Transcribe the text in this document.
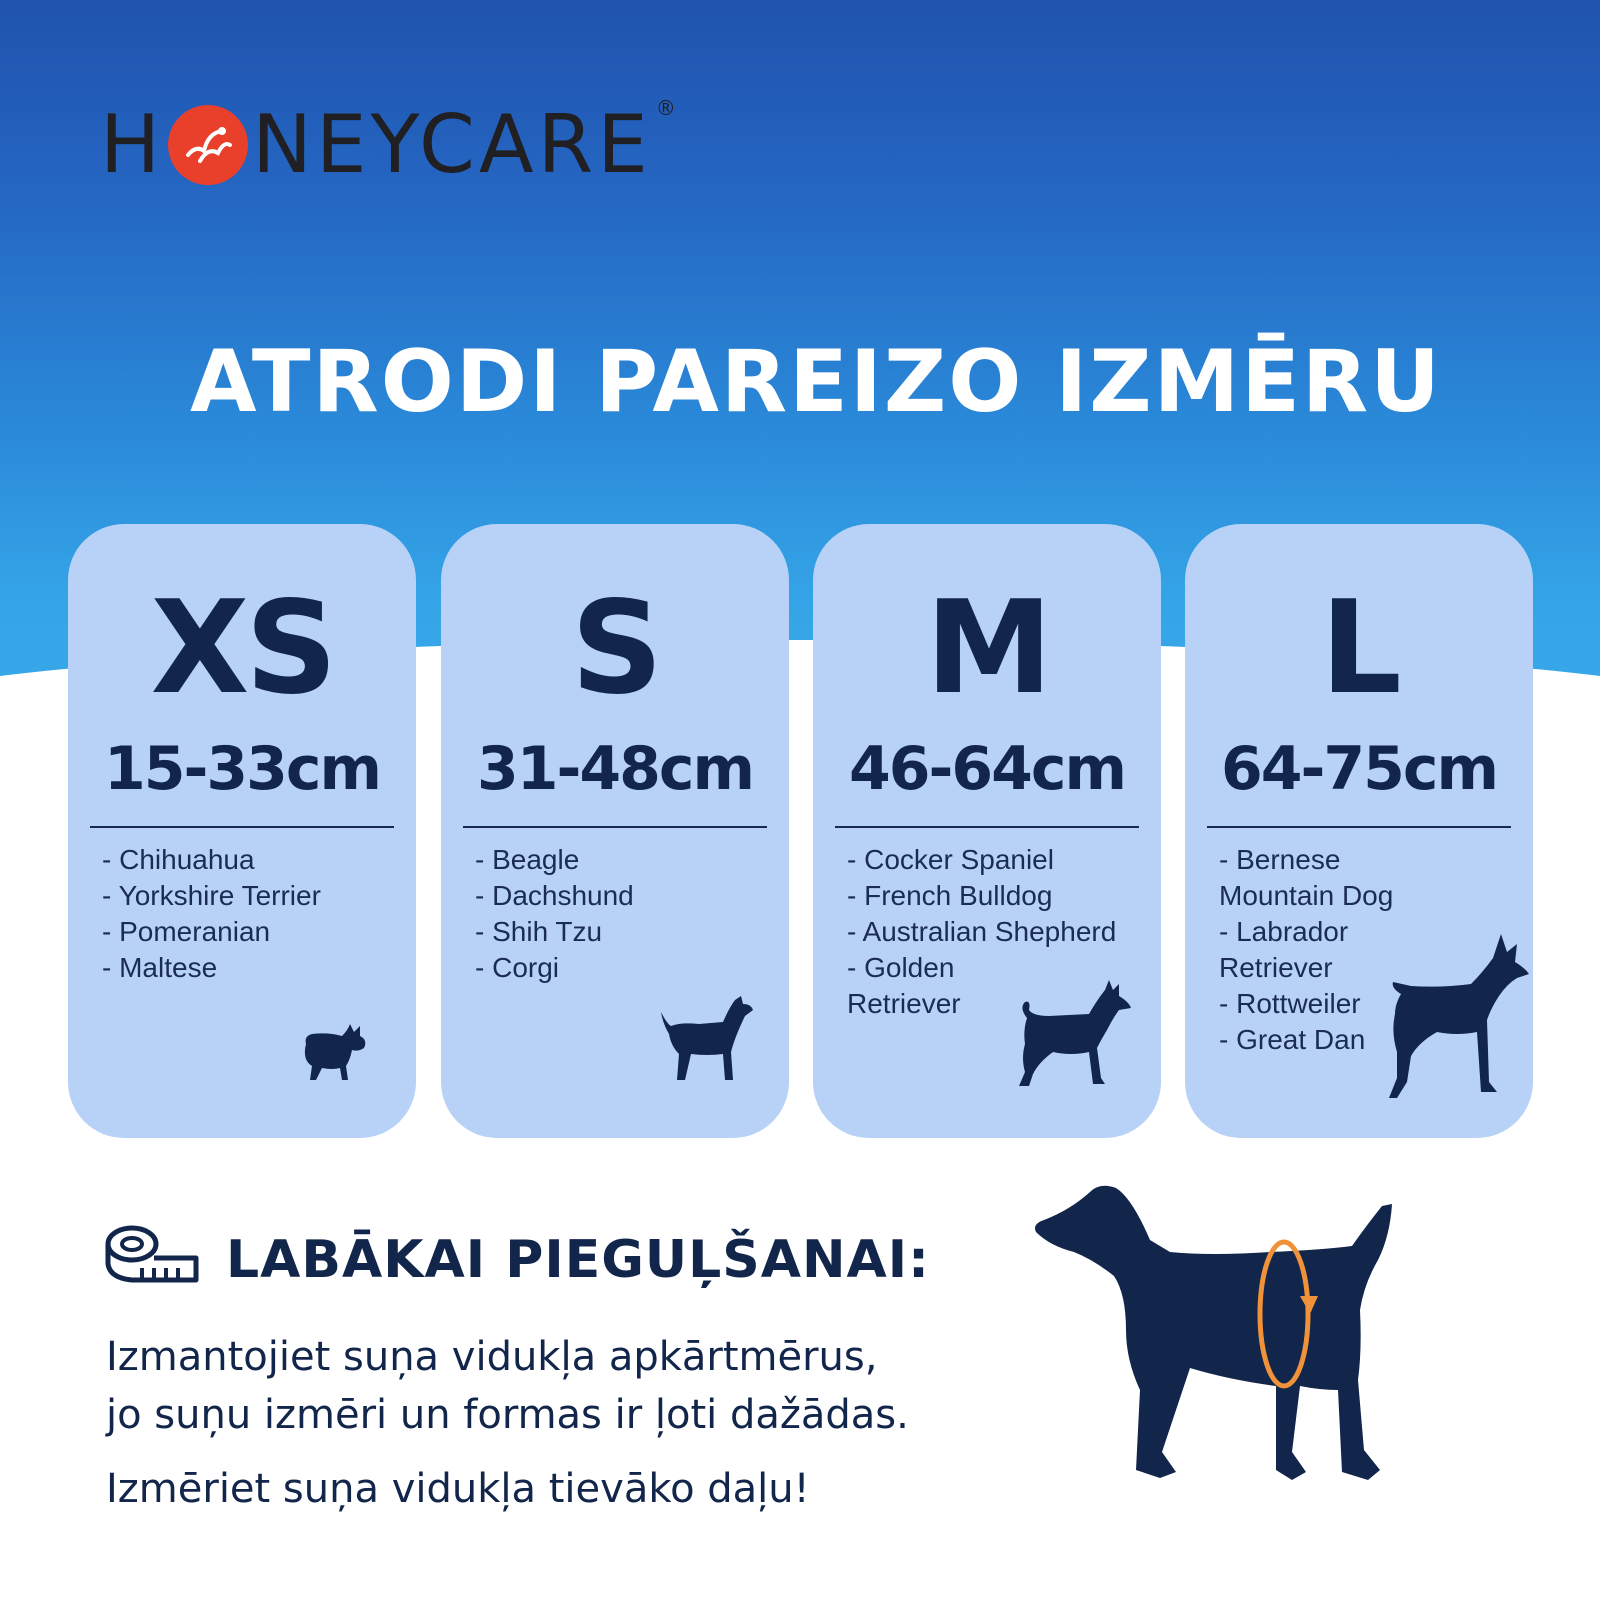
H NEYCARE ®
ATRODI PAREIZO IZMĒRU
XS
15-33cm
- Chihuahua
- Yorkshire Terrier
- Pomeranian
- Maltese
S
31-48cm
- Beagle
- Dachshund
- Shih Tzu
- Corgi
M
46-64cm
- Cocker Spaniel
- French Bulldog
- Australian Shepherd
- Golden
Retriever
L
64-75cm
- Bernese
Mountain Dog
- Labrador
Retriever
- Rottweiler
- Great Dan
LABĀKAI PIEGUĻŠANAI:
Izmantojiet suņa vidukļa apkārtmērus,
jo suņu izmēri un formas ir ļoti dažādas.
Izmēriet suņa vidukļa tievāko daļu!
